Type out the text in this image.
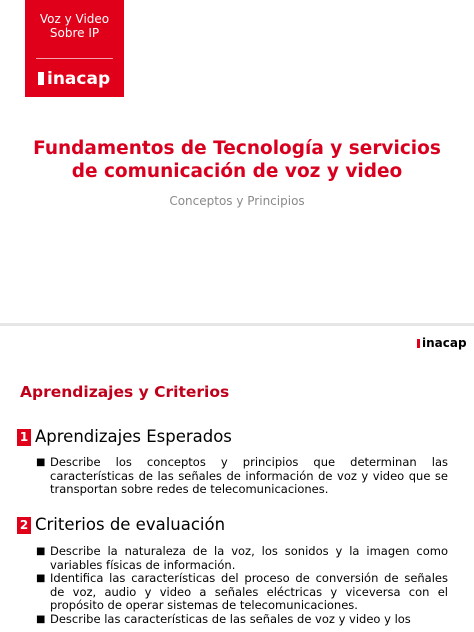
Voz y Video Sobre IP
inacap
Fundamentos de Tecnología y servicios de comunicación de voz y video
Conceptos y Principios
inacap
Aprendizajes y Criterios
1 Aprendizajes Esperados
■ Describe los conceptos y principios que determinan las características de las señales de información de voz y video que se transportan sobre redes de telecomunicaciones.
2 Criterios de evaluación
■ Describe la naturaleza de la voz, los sonidos y la imagen como variables físicas de información.
■ Identifica las características del proceso de conversión de señales de voz, audio y video a señales eléctricas y viceversa con el propósito de operar sistemas de telecomunicaciones.
■ Describe las características de las señales de voz y video y los
